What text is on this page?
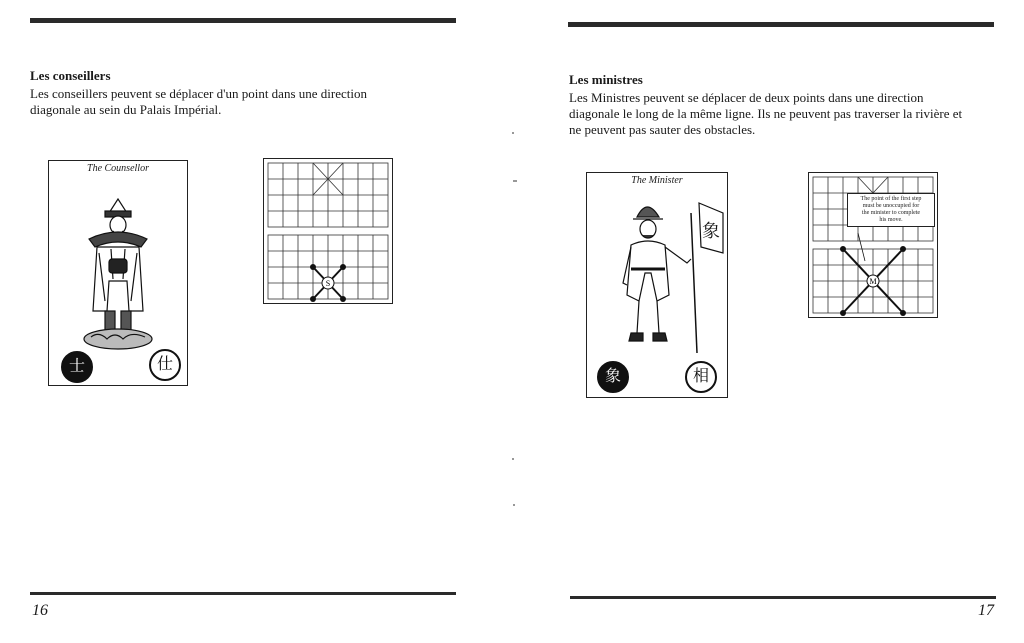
Les conseillers
Les conseillers peuvent se déplacer d'un point dans une direction
diagonale au sein du Palais Impérial.
The Counsellor
士	仕
S
16
Les ministres
Les Ministres peuvent se déplacer de deux points dans une direction
diagonale le long de la même ligne. Ils ne peuvent pas traverser la rivière et
ne peuvent pas sauter des obstacles.
The Minister
象
象	相
M
The point of the first step
must be unoccupied for
the minister to complete
his move.
17
